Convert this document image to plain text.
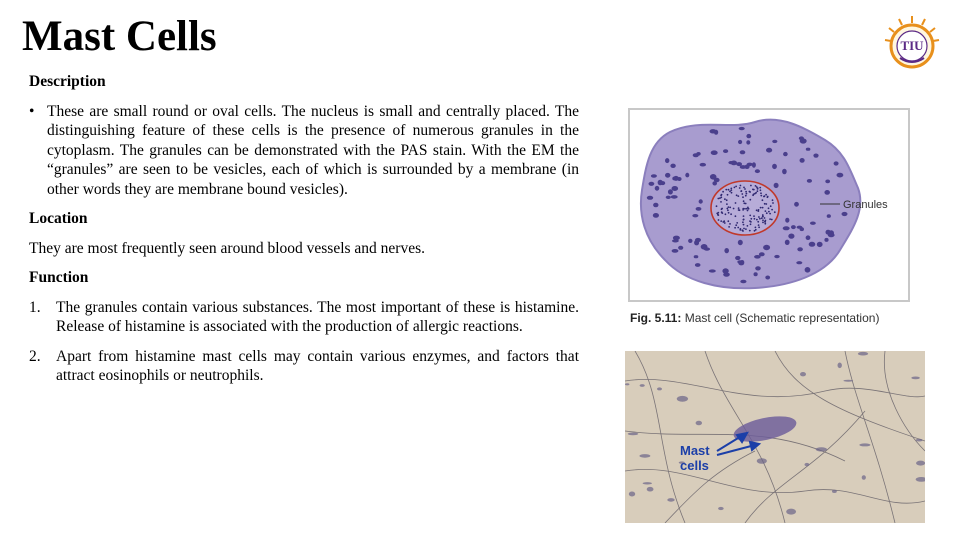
Mast Cells	TIU

Description

• These are small round or oval cells. The nucleus is small and centrally placed. The distinguishing feature of these cells is the presence of numerous granules in the cytoplasm. The granules can be demonstrated with the PAS stain. With the EM the “granules” are seen to be vesicles, each of which is surrounded by a membrane (in other words they are membrane bound vesicles).

Location

They are most frequently seen around blood vessels and nerves.

Function

1. The granules contain various substances. The most important of these is histamine. Release of histamine is associated with the production of allergic reactions.
2. Apart from histamine mast cells may contain various enzymes, and factors that attract eosinophils or neutrophils.
Granules
Fig. 5.11: Mast cell (Schematic representation)
Mast
cells
